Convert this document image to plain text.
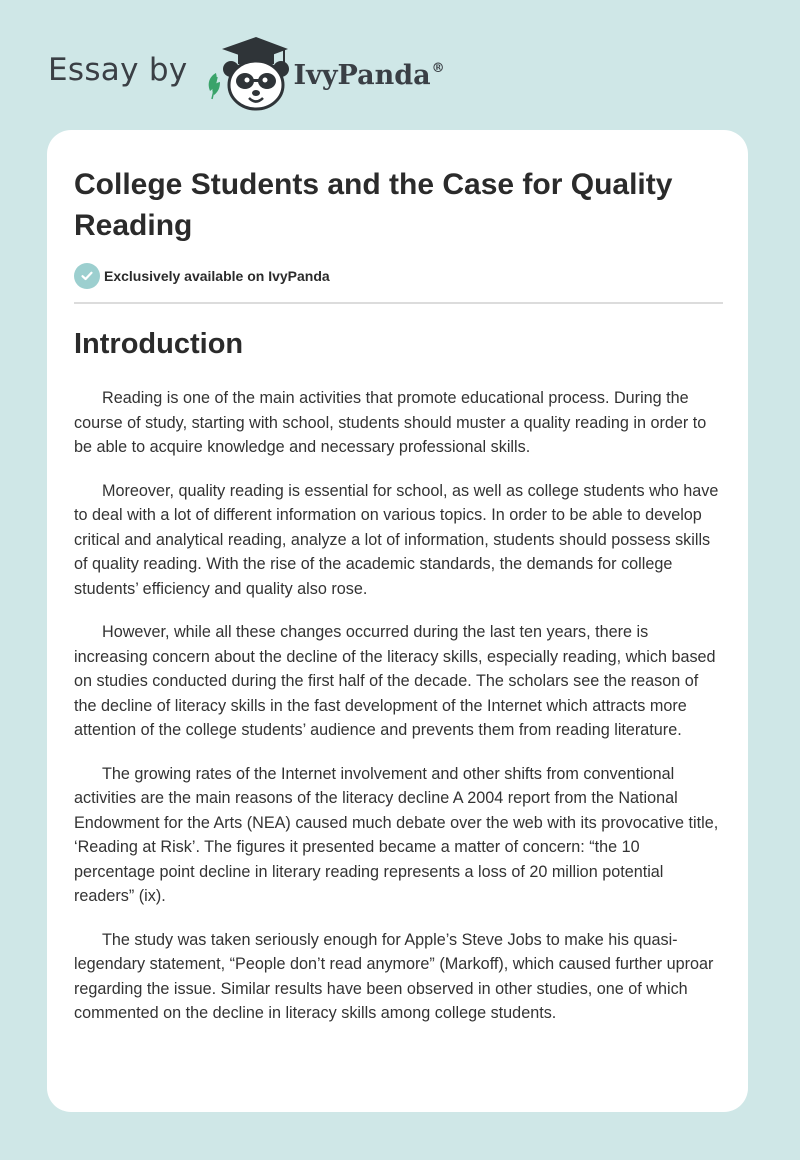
Essay by	IvyPanda®
College Students and the Case for Quality Reading
Exclusively available on IvyPanda
Introduction

Reading is one of the main activities that promote educational process. During the course of study, starting with school, students should muster a quality reading in order to be able to acquire knowledge and necessary professional skills.

Moreover, quality reading is essential for school, as well as college students who have to deal with a lot of different information on various topics. In order to be able to develop critical and analytical reading, analyze a lot of information, students should possess skills of quality reading. With the rise of the academic standards, the demands for college students’ efficiency and quality also rose.

However, while all these changes occurred during the last ten years, there is increasing concern about the decline of the literacy skills, especially reading, which based on studies conducted during the first half of the decade. The scholars see the reason of the decline of literacy skills in the fast development of the Internet which attracts more attention of the college students’ audience and prevents them from reading literature.

The growing rates of the Internet involvement and other shifts from conventional activities are the main reasons of the literacy decline A 2004 report from the National Endowment for the Arts (NEA) caused much debate over the web with its provocative title, ‘Reading at Risk’. The figures it presented became a matter of concern: “the 10 percentage point decline in literary reading represents a loss of 20 million potential readers” (ix).

The study was taken seriously enough for Apple’s Steve Jobs to make his quasi-legendary statement, “People don’t read anymore” (Markoff), which caused further uproar regarding the issue. Similar results have been observed in other studies, one of which commented on the decline in literacy skills among college students.
